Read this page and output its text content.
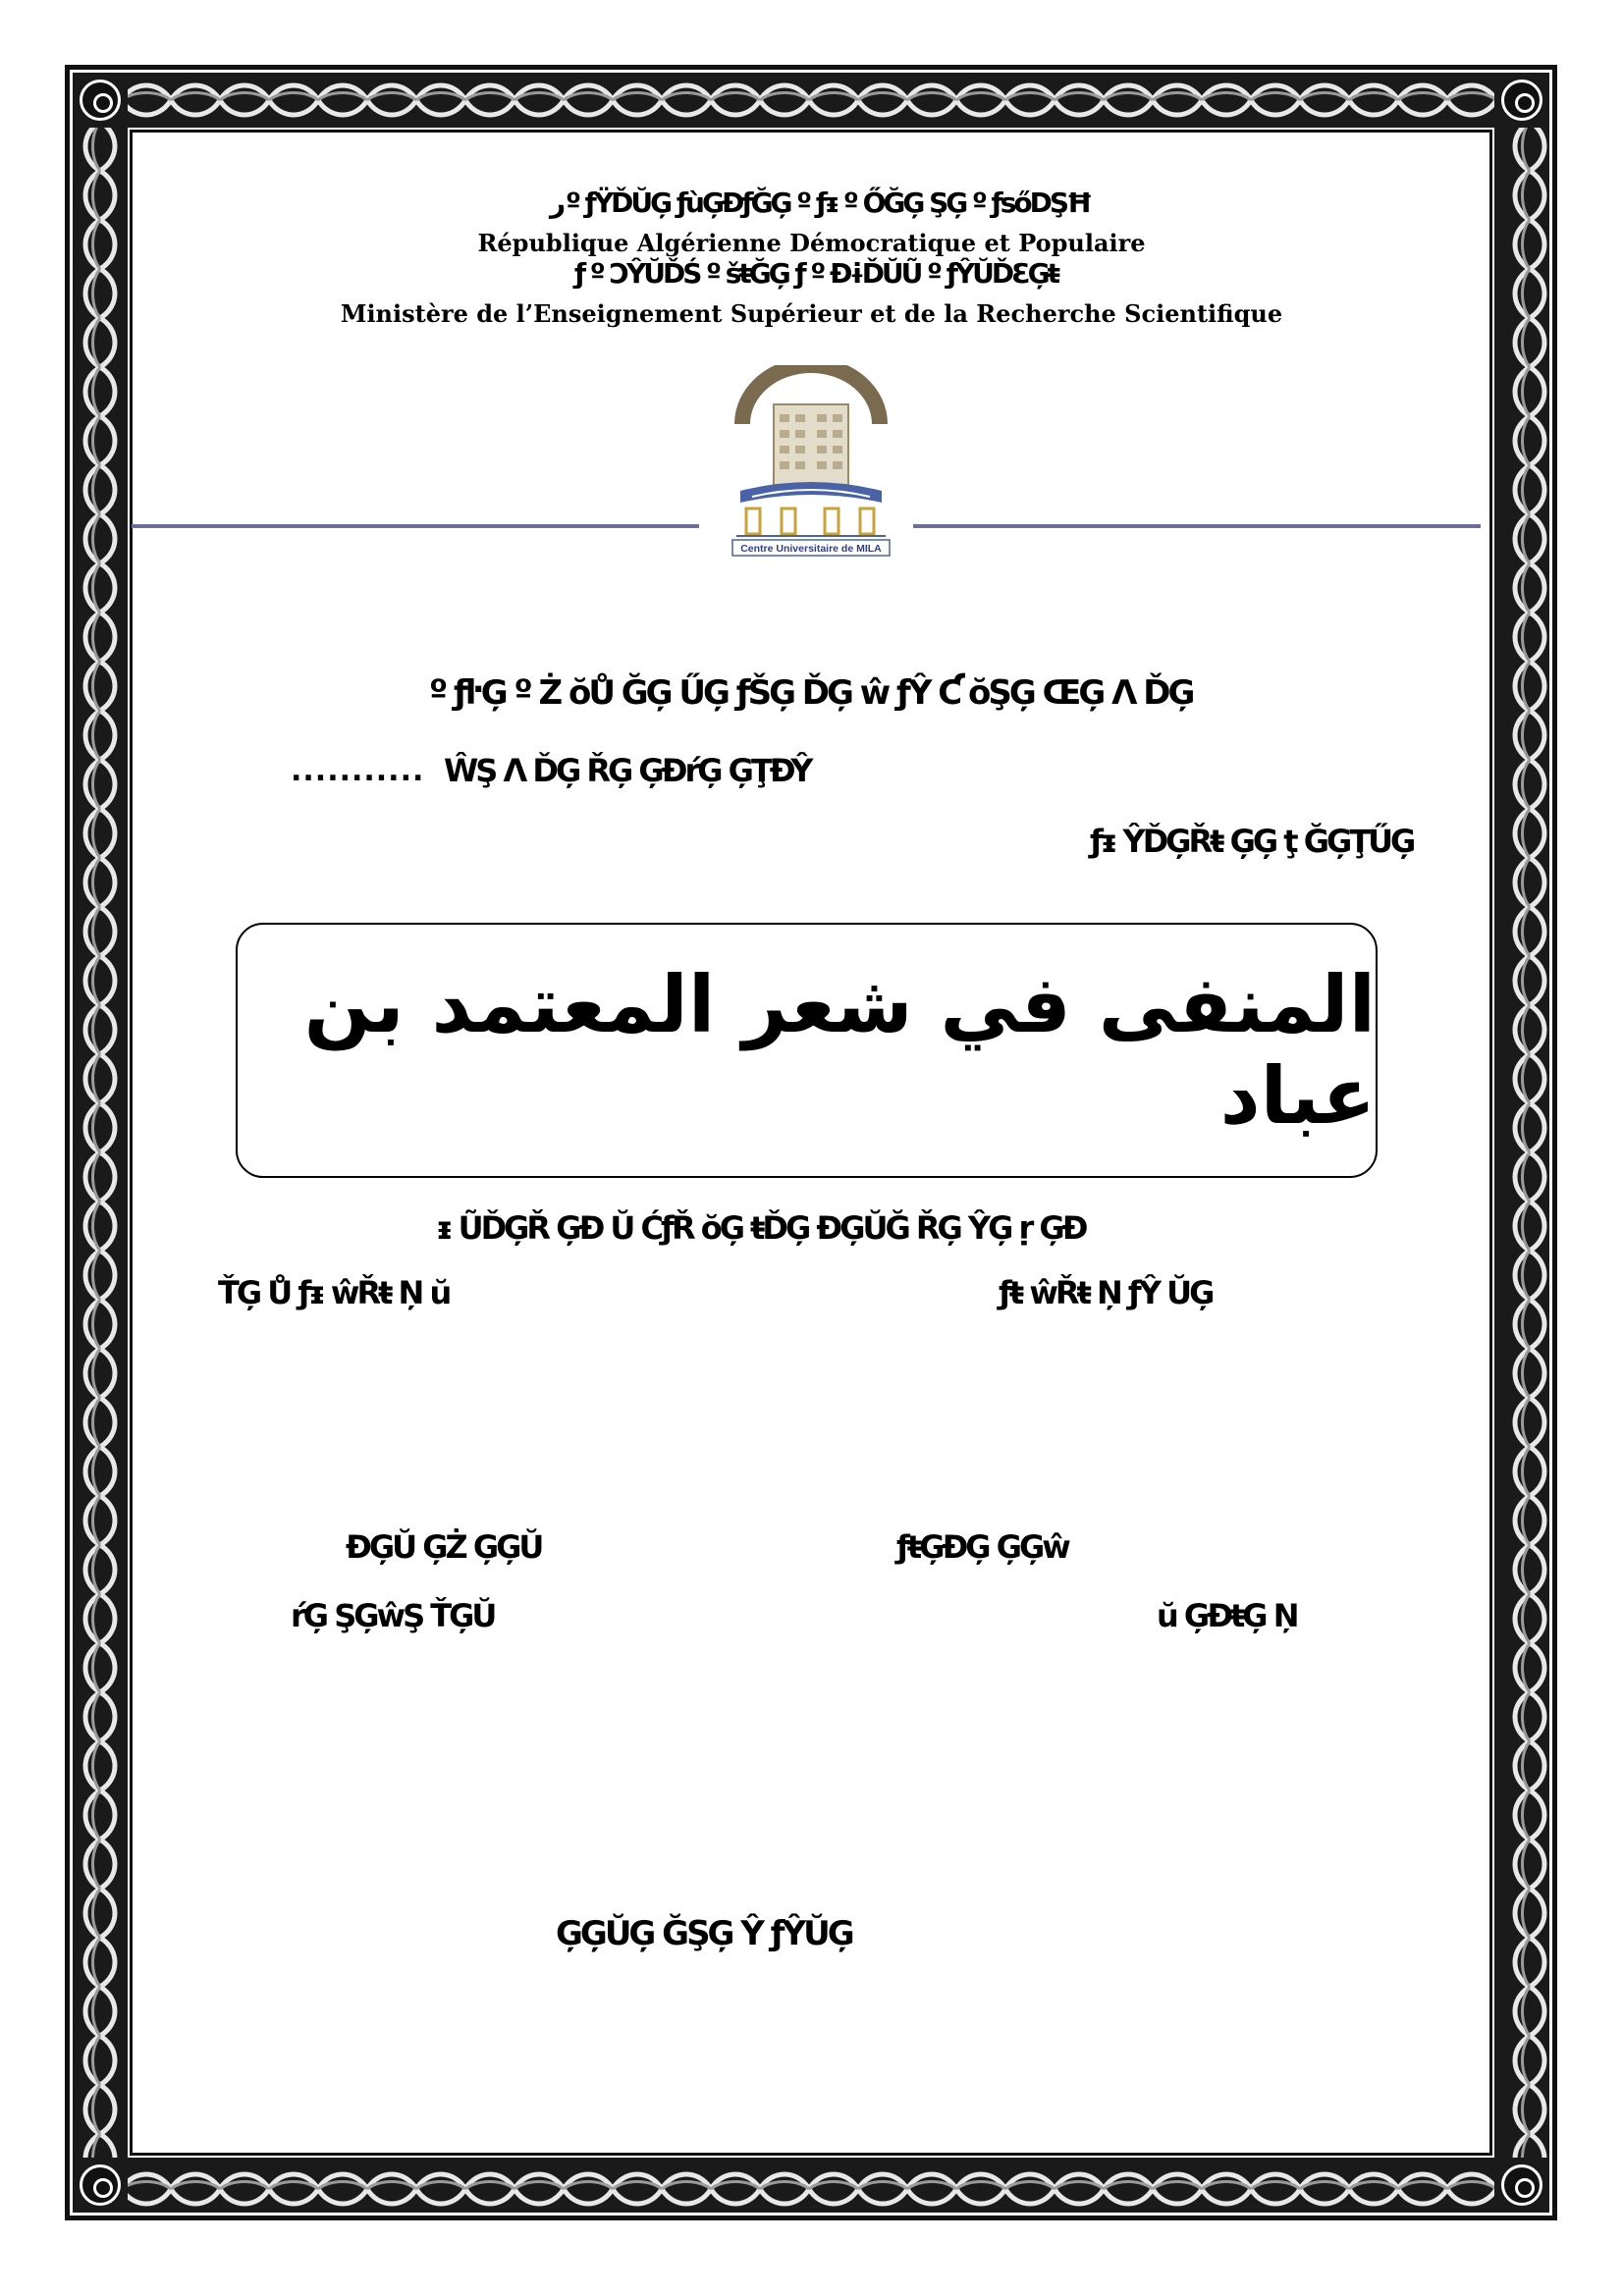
ﺭº ƒŸĎŬĢ ƒùĢĐƒĞĢ º ƒᵻ º ŐĞĢ ŞĢ º ƒsőDŞĦ
République Algérienne Démocratique et Populaire
ƒ º ƆŶŬĎŚ º šŧĞĢ ƒ º ĐɨĎŬŨ º ƒŶŬĎƐĢŧ
Ministère de l’Enseignement Supérieur et de la Recherche Scientifique
Centre Universitaire de MILA
º ƒŀĢ º Ż ŏŮ ĞĢ ŰĢ ƒŠĢ ĎĢ ŵ ƒŶ Ƈ ŏŞĢ ŒĢ Ʌ ĎĢ
........... ŴŞ Ʌ ĎĢ ŘĢ ĢĐŕĢ ĢŢĐŶ
ƒᵻ ŶĎĢŘŧ ĢĢ ţ ĞĢŢŰĢ
المنفى في شعر المعتمد بن عباد
ᵻ ŨĎĢŘ ĢĐ Ŭ ĆƒŘ ŏĢ ŧĎĢ ĐĢŬĞ ŘĢ ŶĢ ṛ ĢĐ
ŤĢ Ů ƒᵻ ŵŘŧ Ņ ŭ	ƒŧ ŵŘŧ Ņ ƒŶ ŬĢ
ĐĢŬ ĢŻ ĢĢŬ	ƒŧĢĐĢ ĢĢŵ
ŕĢ ŞĢŵŞ ŤĢŬ	ŭ ĢĐŧĢ Ņ
ĢĢŬĢ ĞŞĢ Ŷ ƒŶŬĢ
